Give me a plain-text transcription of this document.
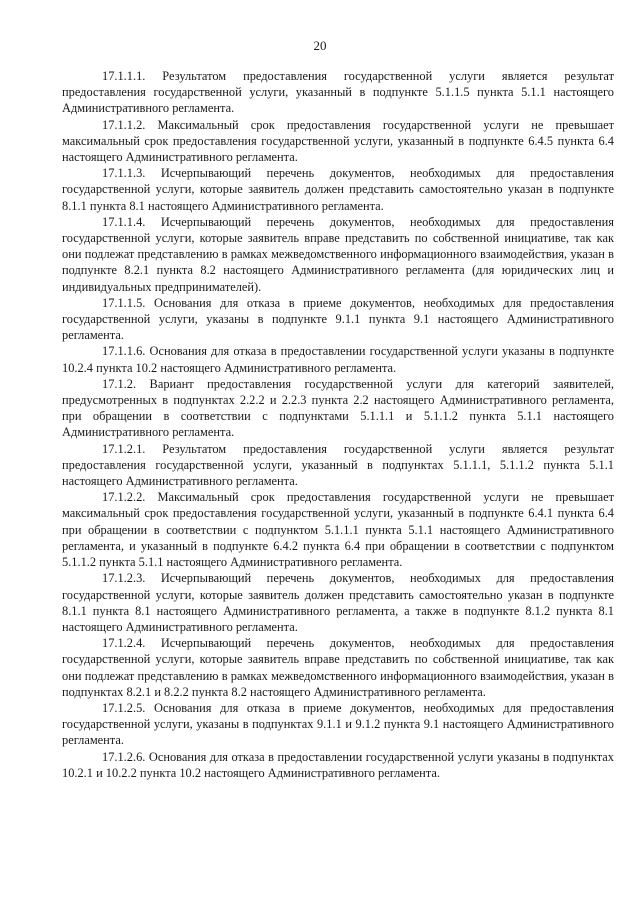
20

17.1.1.1. Результатом предоставления государственной услуги является результат предоставления государственной услуги, указанный в подпункте 5.1.1.5 пункта 5.1.1 настоящего Административного регламента.

17.1.1.2. Максимальный срок предоставления государственной услуги не превышает максимальный срок предоставления государственной услуги, указанный в подпункте 6.4.5 пункта 6.4 настоящего Административного регламента.

17.1.1.3. Исчерпывающий перечень документов, необходимых для предоставления государственной услуги, которые заявитель должен представить самостоятельно указан в подпункте 8.1.1 пункта 8.1 настоящего Административного регламента.

17.1.1.4. Исчерпывающий перечень документов, необходимых для предоставления государственной услуги, которые заявитель вправе представить по собственной инициативе, так как они подлежат представлению в рамках межведомственного информационного взаимодействия, указан в подпункте 8.2.1 пункта 8.2 настоящего Административного регламента (для юридических лиц и индивидуальных предпринимателей).

17.1.1.5. Основания для отказа в приеме документов, необходимых для предоставления государственной услуги, указаны в подпункте 9.1.1 пункта 9.1 настоящего Административного регламента.

17.1.1.6. Основания для отказа в предоставлении государственной услуги указаны в подпункте 10.2.4 пункта 10.2 настоящего Административного регламента.

17.1.2. Вариант предоставления государственной услуги для категорий заявителей, предусмотренных в подпунктах 2.2.2 и 2.2.3 пункта 2.2 настоящего Административного регламента, при обращении в соответствии с подпунктами 5.1.1.1 и 5.1.1.2 пункта 5.1.1 настоящего Административного регламента.

17.1.2.1. Результатом предоставления государственной услуги является результат предоставления государственной услуги, указанный в подпунктах 5.1.1.1, 5.1.1.2 пункта 5.1.1 настоящего Административного регламента.

17.1.2.2. Максимальный срок предоставления государственной услуги не превышает максимальный срок предоставления государственной услуги, указанный в подпункте 6.4.1 пункта 6.4 при обращении в соответствии с подпунктом 5.1.1.1 пункта 5.1.1 настоящего Административного регламента, и указанный в подпункте 6.4.2 пункта 6.4 при обращении в соответствии с подпунктом 5.1.1.2 пункта 5.1.1 настоящего Административного регламента.

17.1.2.3. Исчерпывающий перечень документов, необходимых для предоставления государственной услуги, которые заявитель должен представить самостоятельно указан в подпункте 8.1.1 пункта 8.1 настоящего Административного регламента, а также в подпункте 8.1.2 пункта 8.1 настоящего Административного регламента.

17.1.2.4. Исчерпывающий перечень документов, необходимых для предоставления государственной услуги, которые заявитель вправе представить по собственной инициативе, так как они подлежат представлению в рамках межведомственного информационного взаимодействия, указан в подпунктах 8.2.1 и 8.2.2 пункта 8.2 настоящего Административного регламента.

17.1.2.5. Основания для отказа в приеме документов, необходимых для предоставления государственной услуги, указаны в подпунктах 9.1.1 и 9.1.2 пункта 9.1 настоящего Административного регламента.

17.1.2.6. Основания для отказа в предоставлении государственной услуги указаны в подпунктах 10.2.1 и 10.2.2 пункта 10.2 настоящего Административного регламента.
